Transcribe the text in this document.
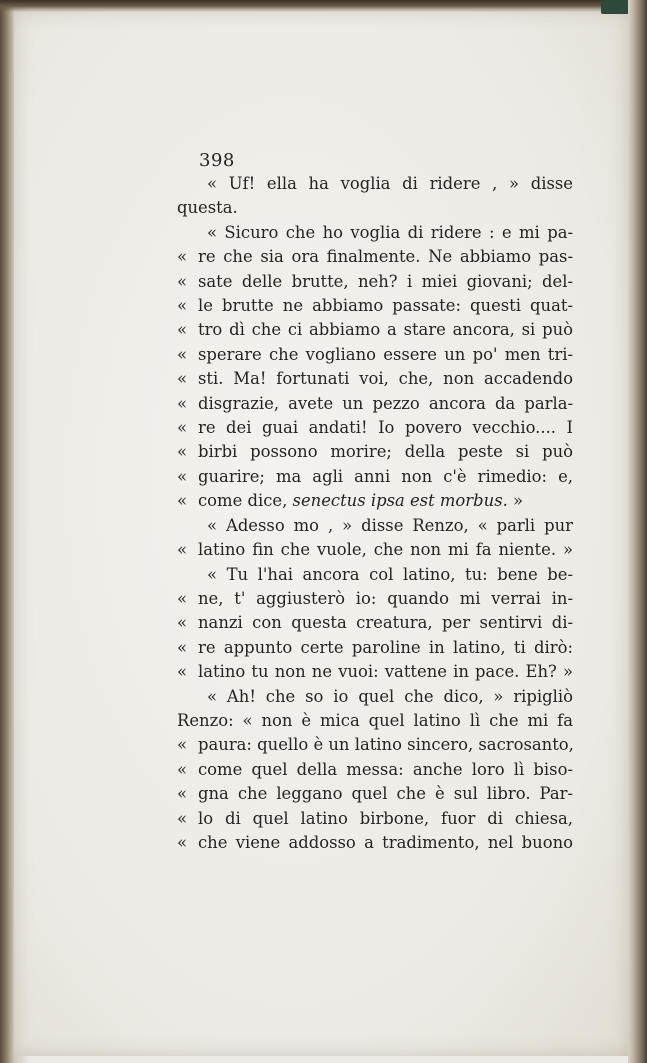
398
« Uf! ella ha voglia di ridere , » disse
questa.
« Sicuro che ho voglia di ridere : e mi pa-
« re che sia ora finalmente. Ne abbiamo pas-
« sate delle brutte, neh? i miei giovani; del-
« le brutte ne abbiamo passate: questi quat-
« tro dì che ci abbiamo a stare ancora, si può
« sperare che vogliano essere un po' men tri-
« sti. Ma! fortunati voi, che, non accadendo
« disgrazie, avete un pezzo ancora da parla-
« re dei guai andati! Io povero vecchio.... I
« birbi possono morire; della peste si può
« guarire; ma agli anni non c'è rimedio: e,
« come dice, senectus ipsa est morbus. »
« Adesso mo , » disse Renzo, « parli pur
« latino fin che vuole, che non mi fa niente. »
« Tu l'hai ancora col latino, tu: bene be-
« ne, t' aggiusterò io: quando mi verrai in-
« nanzi con questa creatura, per sentirvi di-
« re appunto certe paroline in latino, ti dirò:
« latino tu non ne vuoi: vattene in pace. Eh? »
« Ah! che so io quel che dico, » ripigliò
Renzo: « non è mica quel latino lì che mi fa
« paura: quello è un latino sincero, sacrosanto,
« come quel della messa: anche loro lì biso-
« gna che leggano quel che è sul libro. Par-
« lo di quel latino birbone, fuor di chiesa,
« che viene addosso a tradimento, nel buono
